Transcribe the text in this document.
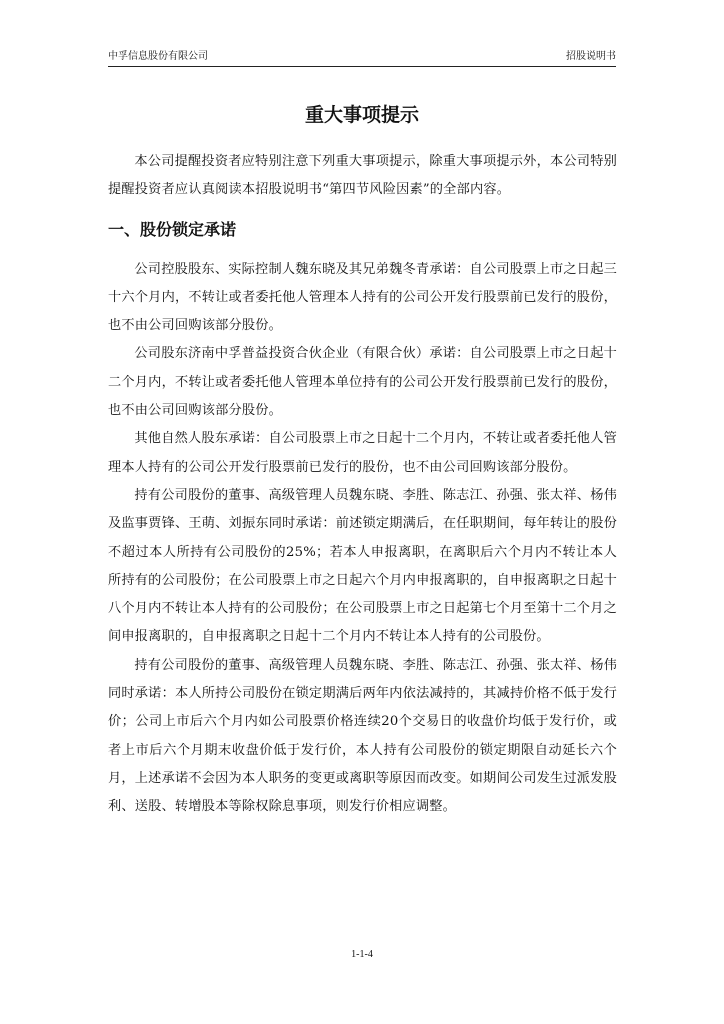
中孚信息股份有限公司	招股说明书
重大事项提示

本公司提醒投资者应特别注意下列重大事项提示，除重大事项提示外，本公司特别提醒投资者应认真阅读本招股说明书“第四节风险因素”的全部内容。

一、股份锁定承诺

公司控股股东、实际控制人魏东晓及其兄弟魏冬青承诺：自公司股票上市之日起三十六个月内，不转让或者委托他人管理本人持有的公司公开发行股票前已发行的股份，也不由公司回购该部分股份。

公司股东济南中孚普益投资合伙企业（有限合伙）承诺：自公司股票上市之日起十二个月内，不转让或者委托他人管理本单位持有的公司公开发行股票前已发行的股份，也不由公司回购该部分股份。

其他自然人股东承诺：自公司股票上市之日起十二个月内，不转让或者委托他人管理本人持有的公司公开发行股票前已发行的股份，也不由公司回购该部分股份。

持有公司股份的董事、高级管理人员魏东晓、李胜、陈志江、孙强、张太祥、杨伟及监事贾锋、王萌、刘振东同时承诺：前述锁定期满后，在任职期间，每年转让的股份不超过本人所持有公司股份的25%；若本人申报离职，在离职后六个月内不转让本人所持有的公司股份；在公司股票上市之日起六个月内申报离职的，自申报离职之日起十八个月内不转让本人持有的公司股份；在公司股票上市之日起第七个月至第十二个月之间申报离职的，自申报离职之日起十二个月内不转让本人持有的公司股份。

持有公司股份的董事、高级管理人员魏东晓、李胜、陈志江、孙强、张太祥、杨伟同时承诺：本人所持公司股份在锁定期满后两年内依法减持的，其减持价格不低于发行价；公司上市后六个月内如公司股票价格连续20个交易日的收盘价均低于发行价，或者上市后六个月期末收盘价低于发行价，本人持有公司股份的锁定期限自动延长六个月，上述承诺不会因为本人职务的变更或离职等原因而改变。如期间公司发生过派发股利、送股、转增股本等除权除息事项，则发行价相应调整。

1-1-4
